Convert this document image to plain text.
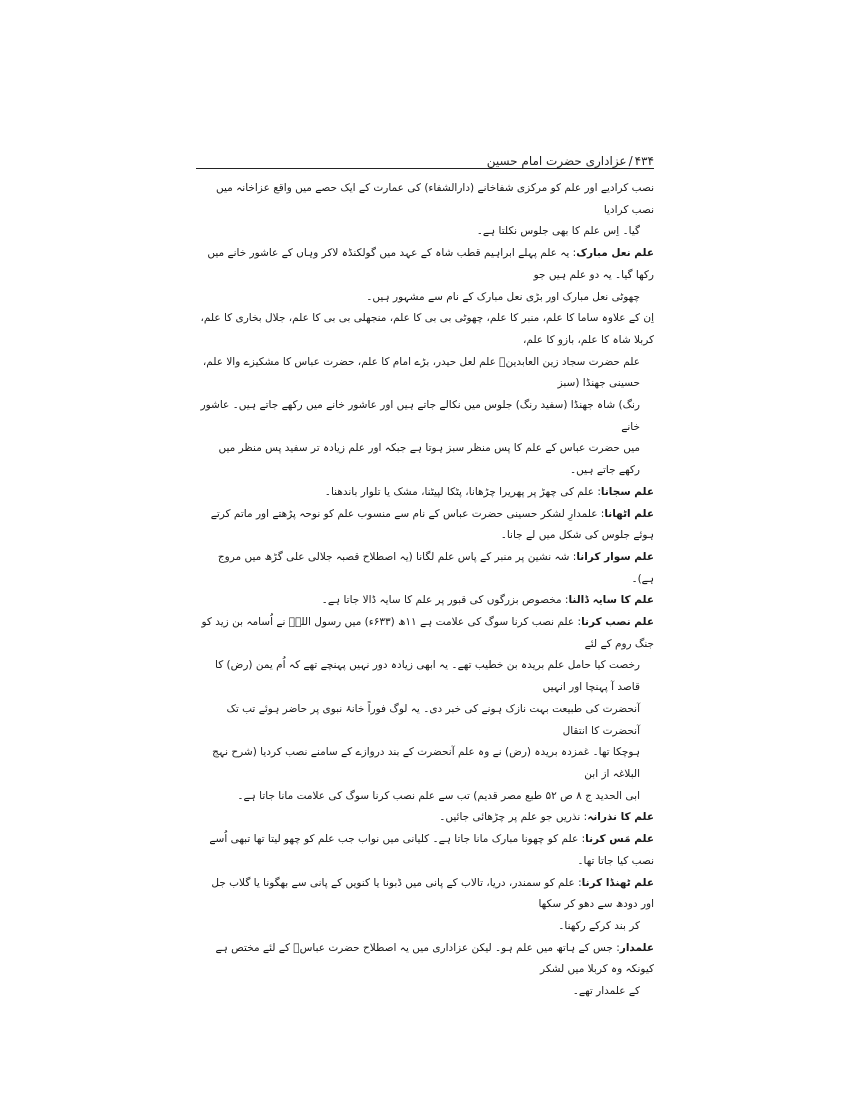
عزاداری حضرت امام حسین / ۴۳۴
نصب کرادیے اور علم کو مرکزی شفاخانے (دارالشفاء) کی عمارت کے ایک حصے میں واقع عزاخانہ میں نصب کرادیا
گیا۔ اِس علم کا بھی جلوس نکلتا ہے۔
علم نعل مبارک: یہ علم پہلے ابراہیم قطب شاہ کے عہد میں گولکنڈہ لاکر وہاں کے عاشور خانے میں رکھا گیا۔ یہ دو علم ہیں جو
چھوٹی نعل مبارک اور بڑی نعل مبارک کے نام سے مشہور ہیں۔
اِن کے علاوہ ساما کا علم، منبر کا علم، چھوٹی بی بی کا علم، منجھلی بی بی کا علم، جلال بخاری کا علم، کربلا شاہ کا علم، بازو کا علم،
علم حضرت سجاد زین العابدینؑ علم لعل حیدر، بڑے امام کا علم، حضرت عباس کا مشکیزے والا علم، حسینی جھنڈا (سبز
رنگ) شاہ جھنڈا (سفید رنگ) جلوس میں نکالے جاتے ہیں اور عاشور خانے میں رکھے جاتے ہیں۔ عاشور خانے
میں حضرت عباس کے علم کا پس منظر سبز ہوتا ہے جبکہ اور علم زیادہ تر سفید پس منظر میں رکھے جاتے ہیں۔
علم سجانا: علم کی چھڑ پر پھریرا چڑھانا، پٹکا لپیٹنا، مشک یا تلوار باندھنا۔
علم اٹھانا: علمدارِ لشکر حسینی حضرت عباس کے نام سے منسوب علم کو نوحہ پڑھتے اور ماتم کرتے ہوئے جلوس کی شکل میں لے جانا۔
علم سوار کرانا: شہ نشین پر منبر کے پاس علم لگانا (یہ اصطلاح قصبہ جلالی علی گڑھ میں مروج ہے)۔
علم کا سایہ ڈالنا: مخصوص بزرگوں کی قبور پر علم کا سایہ ڈالا جاتا ہے۔
علم نصب کرنا: علم نصب کرنا سوگ کی علامت ہے ۱۱ھ (۶۳۳ء) میں رسول اللہؐ نے اُسامہ بن زید کو جنگ روم کے لئے
رخصت کیا حامل علم بریدہ بن خطیب تھے۔ یہ ابھی زیادہ دور نہیں پہنچے تھے کہ اُم یمن (رض) کا قاصد آ پہنچا اور انہیں
آنحضرت کی طبیعت بہت نازک ہونے کی خبر دی۔ یہ لوگ فوراً خانۂ نبوی پر حاضر ہوئے تب تک آنحضرت کا انتقال
ہوچکا تھا۔ غمزدہ بریدہ (رض) نے وہ علم آنحضرت کے بند دروازے کے سامنے نصب کردیا (شرح نہج البلاغہ از ابن
ابی الحدید ج ۸ ص ۵۲ طبع مصر قدیم) تب سے علم نصب کرنا سوگ کی علامت مانا جاتا ہے۔
علم کا نذرانہ: نذریں جو علم پر چڑھائی جائیں۔
علم مَس کرنا: علم کو چھونا مبارک مانا جاتا ہے۔ کلیانی میں نواب جب علم کو چھو لیتا تھا تبھی اُسے نصب کیا جاتا تھا۔
علم ٹھنڈا کرنا: علم کو سمندر، دریا، تالاب کے پانی میں ڈبونا یا کنویں کے پانی سے بھگونا یا گلاب جل اور دودھ سے دھو کر سکھا
کر بند کرکے رکھنا۔
علمدار: جس کے ہاتھ میں علم ہو۔ لیکن عزاداری میں یہ اصطلاح حضرت عباسؑ کے لئے مختص ہے کیونکہ وہ کربلا میں لشکر
کے علمدار تھے۔
